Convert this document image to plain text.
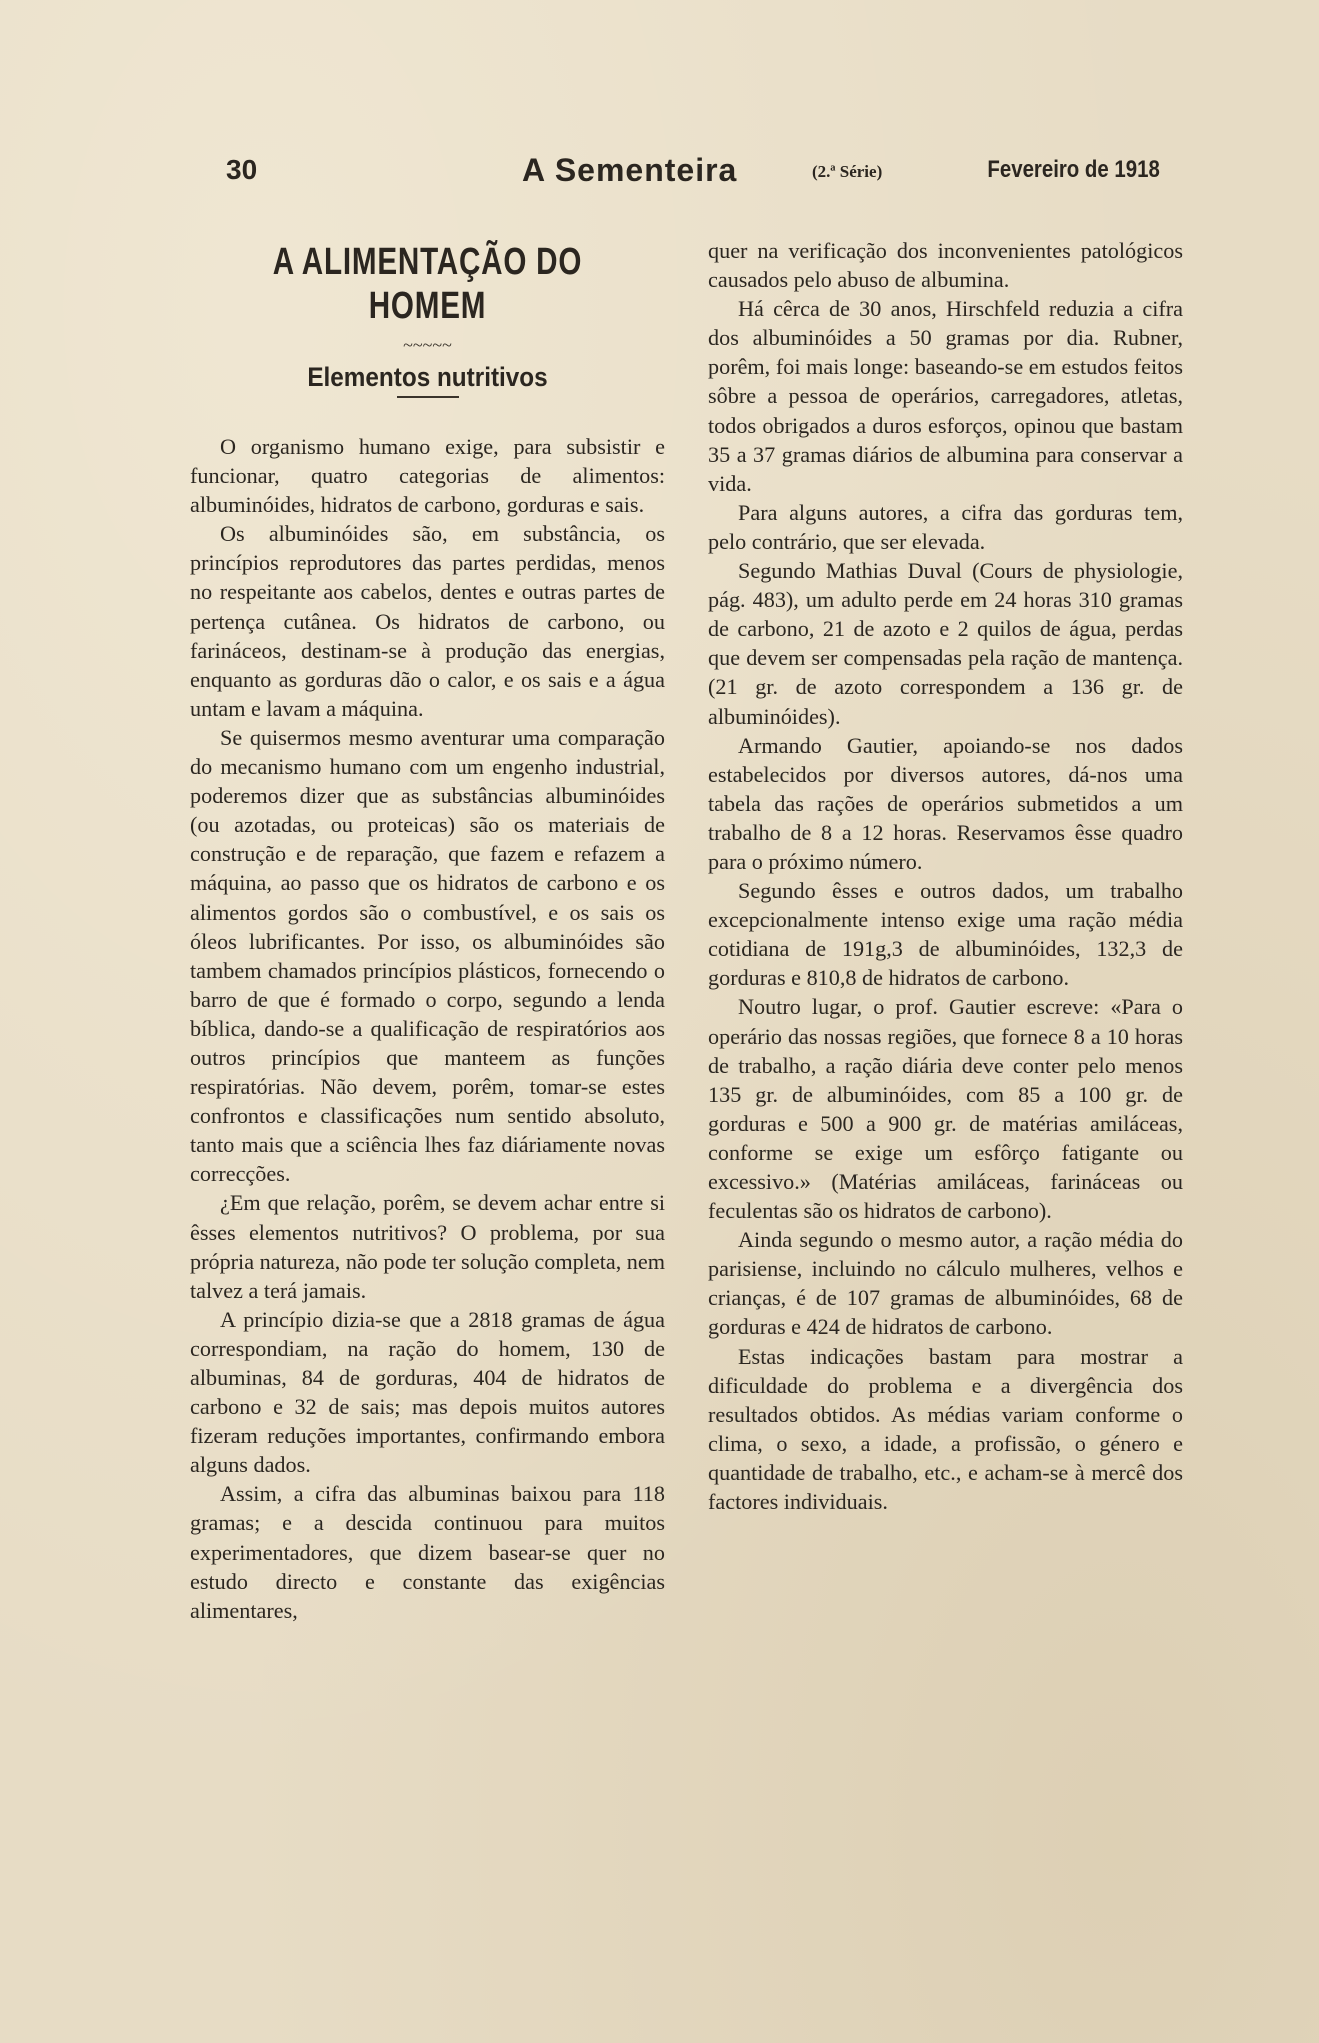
30	A Sementeira	(2.ª Série)	Fevereiro de 1918
A ALIMENTAÇÃO DO HOMEM
~~~~~
Elementos nutritivos

O organismo humano exige, para subsistir e funcionar, quatro categorias de alimentos: albuminóides, hidratos de carbono, gorduras e sais.

Os albuminóides são, em substância, os princípios reprodutores das partes perdidas, menos no respeitante aos cabelos, dentes e outras partes de pertença cutânea. Os hidratos de carbono, ou farináceos, destinam-se à produção das energias, enquanto as gorduras dão o calor, e os sais e a água untam e lavam a máquina.

Se quisermos mesmo aventurar uma comparação do mecanismo humano com um engenho industrial, poderemos dizer que as substâncias albuminóides (ou azotadas, ou proteicas) são os materiais de construção e de reparação, que fazem e refazem a máquina, ao passo que os hidratos de carbono e os alimentos gordos são o combustível, e os sais os óleos lubrificantes. Por isso, os albuminóides são tambem chamados princípios plásticos, fornecendo o barro de que é formado o corpo, segundo a lenda bíblica, dando-se a qualificação de respiratórios aos outros princípios que manteem as funções respiratórias. Não devem, porêm, tomar-se estes confrontos e classificações num sentido absoluto, tanto mais que a sciência lhes faz diáriamente novas correcções.

¿Em que relação, porêm, se devem achar entre si êsses elementos nutritivos? O problema, por sua própria natureza, não pode ter solução completa, nem talvez a terá jamais.

A princípio dizia-se que a 2818 gramas de água correspondiam, na ração do homem, 130 de albuminas, 84 de gorduras, 404 de hidratos de carbono e 32 de sais; mas depois muitos autores fizeram reduções importantes, confirmando embora alguns dados.

Assim, a cifra das albuminas baixou para 118 gramas; e a descida continuou para muitos experimentadores, que dizem basear-se quer no estudo directo e constante das exigências alimentares,

quer na verificação dos inconvenientes patológicos causados pelo abuso de albumina.

Há cêrca de 30 anos, Hirschfeld reduzia a cifra dos albuminóides a 50 gramas por dia. Rubner, porêm, foi mais longe: baseando-se em estudos feitos sôbre a pessoa de operários, carregadores, atletas, todos obrigados a duros esforços, opinou que bastam 35 a 37 gramas diários de albumina para conservar a vida.

Para alguns autores, a cifra das gorduras tem, pelo contrário, que ser elevada.

Segundo Mathias Duval (Cours de physiologie, pág. 483), um adulto perde em 24 horas 310 gramas de carbono, 21 de azoto e 2 quilos de água, perdas que devem ser compensadas pela ração de mantença. (21 gr. de azoto correspondem a 136 gr. de albuminóides).

Armando Gautier, apoiando-se nos dados estabelecidos por diversos autores, dá-nos uma tabela das rações de operários submetidos a um trabalho de 8 a 12 horas. Reservamos êsse quadro para o próximo número.

Segundo êsses e outros dados, um trabalho excepcionalmente intenso exige uma ração média cotidiana de 191g,3 de albuminóides, 132,3 de gorduras e 810,8 de hidratos de carbono.

Noutro lugar, o prof. Gautier escreve: «Para o operário das nossas regiões, que fornece 8 a 10 horas de trabalho, a ração diária deve conter pelo menos 135 gr. de albuminóides, com 85 a 100 gr. de gorduras e 500 a 900 gr. de matérias amiláceas, conforme se exige um esfôrço fatigante ou excessivo.» (Matérias amiláceas, farináceas ou feculentas são os hidratos de carbono).

Ainda segundo o mesmo autor, a ração média do parisiense, incluindo no cálculo mulheres, velhos e crianças, é de 107 gramas de albuminóides, 68 de gorduras e 424 de hidratos de carbono.

Estas indicações bastam para mostrar a dificuldade do problema e a divergência dos resultados obtidos. As médias variam conforme o clima, o sexo, a idade, a profissão, o género e quantidade de trabalho, etc., e acham-se à mercê dos factores individuais.
